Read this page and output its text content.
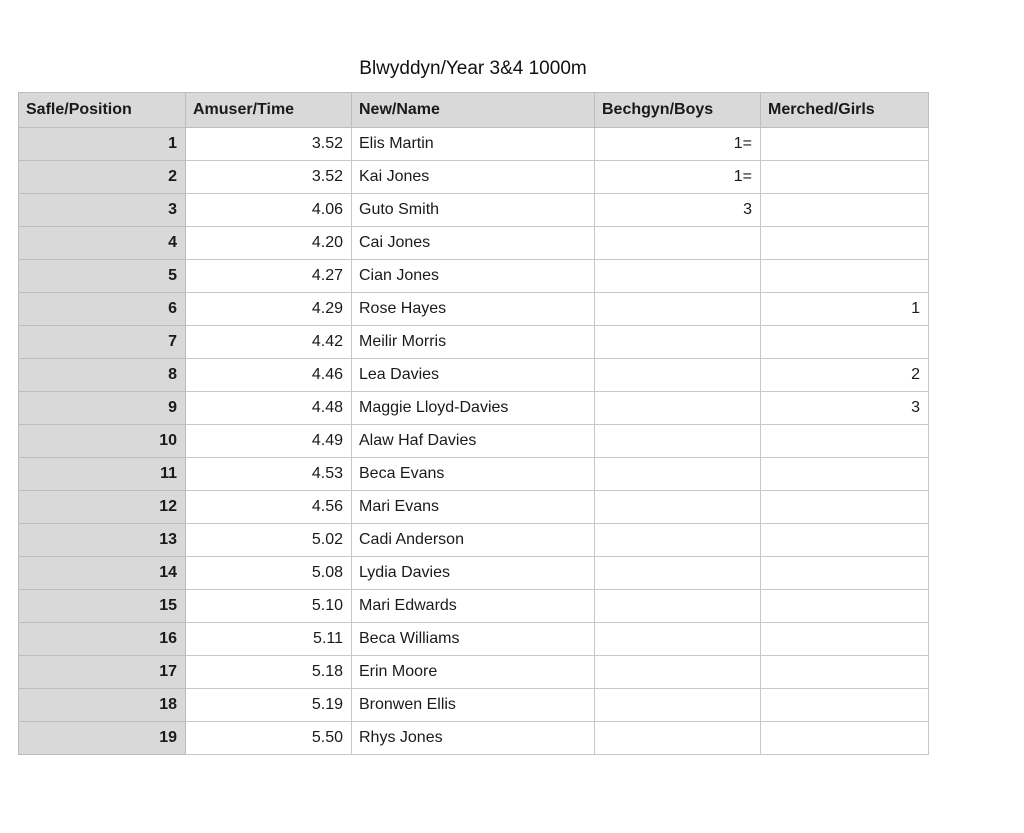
Blwyddyn/Year 3&4 1000m
Safle/Position	Amuser/Time	New/Name	Bechgyn/Boys	Merched/Girls
1	3.52	Elis Martin	1=	
2	3.52	Kai Jones	1=	
3	4.06	Guto Smith	3	
4	4.20	Cai Jones		
5	4.27	Cian Jones		
6	4.29	Rose Hayes		1
7	4.42	Meilir Morris		
8	4.46	Lea Davies		2
9	4.48	Maggie Lloyd-Davies		3
10	4.49	Alaw Haf Davies		
11	4.53	Beca Evans		
12	4.56	Mari Evans		
13	5.02	Cadi Anderson		
14	5.08	Lydia Davies		
15	5.10	Mari Edwards		
16	5.11	Beca Williams		
17	5.18	Erin Moore		
18	5.19	Bronwen Ellis		
19	5.50	Rhys Jones		
